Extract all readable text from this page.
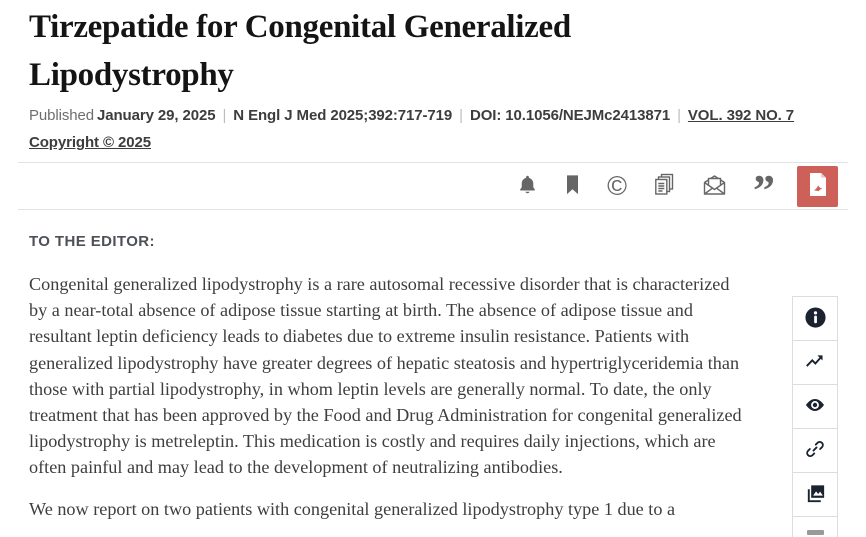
Tirzepatide for Congenital Generalized Lipodystrophy
Published January 29, 2025 | N Engl J Med 2025;392:717-719 | DOI: 10.1056/NEJMc2413871 | VOL. 392 NO. 7
Copyright © 2025
©	”
TO THE EDITOR:

Congenital generalized lipodystrophy is a rare autosomal recessive disorder that is characterized by a near-total absence of adipose tissue starting at birth. The absence of adipose tissue and resultant leptin deficiency leads to diabetes due to extreme insulin resistance. Patients with generalized lipodystrophy have greater degrees of hepatic steatosis and hypertriglyceridemia than those with partial lipodystrophy, in whom leptin levels are generally normal. To date, the only treatment that has been approved by the Food and Drug Administration for congenital generalized lipodystrophy is metreleptin. This medication is costly and requires daily injections, which are often painful and may lead to the development of neutralizing antibodies.

We now report on two patients with congenital generalized lipodystrophy type 1 due to a
